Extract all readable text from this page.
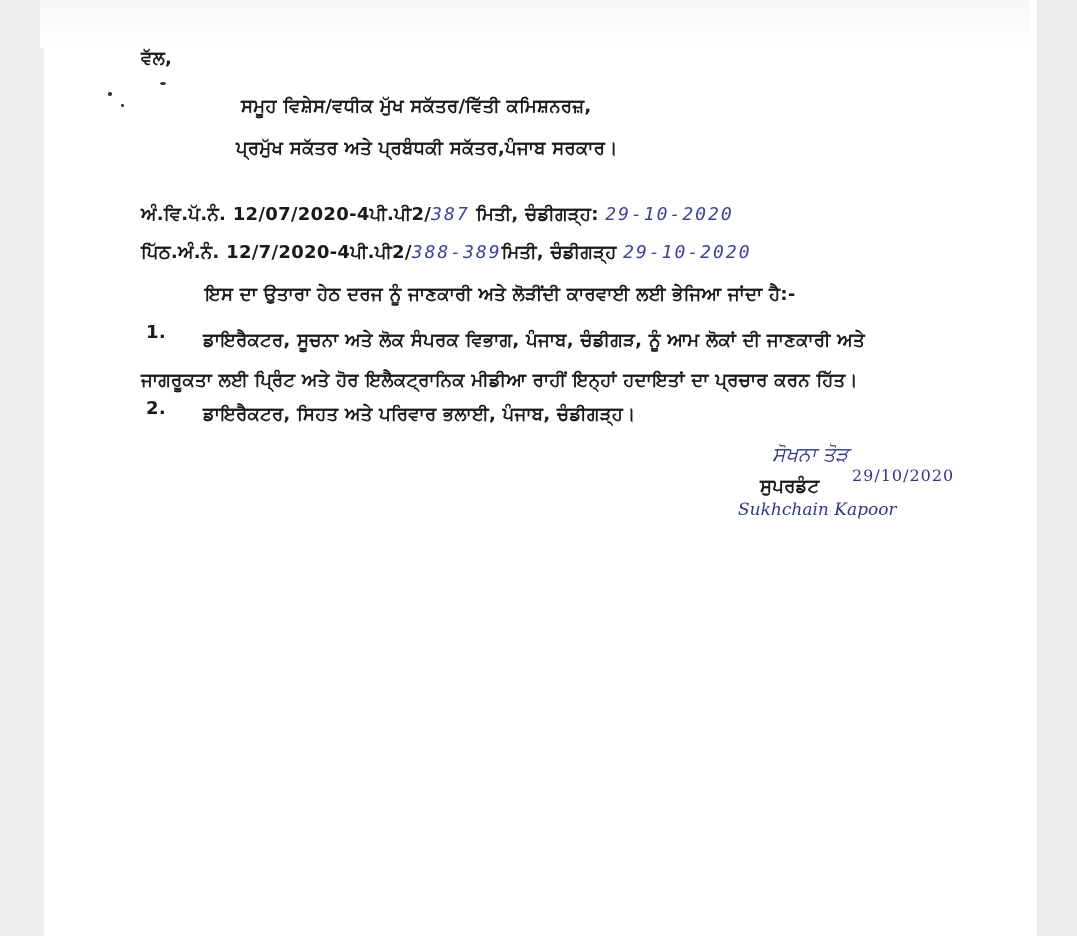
ਵੱਲ,
ਸਮੂਹ ਵਿਸ਼ੇਸ/ਵਧੀਕ ਮੁੱਖ ਸਕੱਤਰ/ਵਿੱਤੀ ਕਮਿਸ਼ਨਰਜ਼,
ਪ੍ਰਮੁੱਖ ਸਕੱਤਰ ਅਤੇ ਪ੍ਰਬੰਧਕੀ ਸਕੱਤਰ,ਪੰਜਾਬ ਸਰਕਾਰ।
ਅੰ.ਵਿ.ਪੱ.ਨੰ. 12/07/2020-4ਪੀ.ਪੀ2/387 ਮਿਤੀ, ਚੰਡੀਗੜ੍ਹ: 29-10-2020
ਪਿੱਠ.ਅੰ.ਨੰ. 12/7/2020-4ਪੀ.ਪੀ2/388-389ਮਿਤੀ, ਚੰਡੀਗੜ੍ਹ 29-10-2020
ਇਸ ਦਾ ਉਤਾਰਾ ਹੇਠ ਦਰਜ ਨੂੰ ਜਾਣਕਾਰੀ ਅਤੇ ਲੋੜੀਂਦੀ ਕਾਰਵਾਈ ਲਈ ਭੇਜਿਆ ਜਾਂਦਾ ਹੈ:-
1. ਡਾਇਰੈਕਟਰ, ਸੂਚਨਾ ਅਤੇ ਲੋਕ ਸੰਪਰਕ ਵਿਭਾਗ, ਪੰਜਾਬ, ਚੰਡੀਗੜ, ਨੂੰ ਆਮ ਲੋਕਾਂ ਦੀ ਜਾਣਕਾਰੀ ਅਤੇ
ਜਾਗਰੂਕਤਾ ਲਈ ਪ੍ਰਿੰਟ ਅਤੇ ਹੋਰ ਇਲੈਕਟ੍ਰਾਨਿਕ ਮੀਡੀਆ ਰਾਹੀਂ ਇਨ੍ਹਾਂ ਹਦਾਇਤਾਂ ਦਾ ਪ੍ਰਚਾਰ ਕਰਨ ਹਿੱਤ।
2. ਡਾਇਰੈਕਟਰ, ਸਿਹਤ ਅਤੇ ਪਰਿਵਾਰ ਭਲਾਈ, ਪੰਜਾਬ, ਚੰਡੀਗੜ੍ਹ।
ਸੋਖਨਾ ਤੋੜ
29/10/2020
ਸੁਪਰਡੰਟ
Sukhchain Kapoor
